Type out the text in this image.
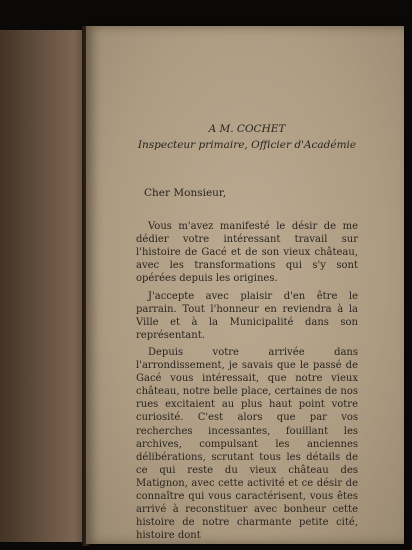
A M. COCHET

Inspecteur primaire, Officier d'Académie

Cher Monsieur,

Vous m'avez manifesté le désir de me dédier votre intéressant travail sur l'histoire de Gacé et de son vieux château, avec les transformations qui s'y sont opérées depuis les origines.

J'accepte avec plaisir d'en être le parrain. Tout l'honneur en reviendra à la Ville et à la Municipalité dans son représentant.

Depuis votre arrivée dans l'arrondissement, je savais que le passé de Gacé vous intéressait, que notre vieux château, notre belle place, certaines de nos rues excitaient au plus haut point votre curiosité. C'est alors que par vos recherches incessantes, fouillant les archives, compulsant les anciennes délibérations, scrutant tous les détails de ce qui reste du vieux château des Matignon, avec cette activité et ce désir de connaître qui vous caractérisent, vous êtes arrivé à reconstituer avec bonheur cette histoire de notre charmante petite cité, histoire dont
